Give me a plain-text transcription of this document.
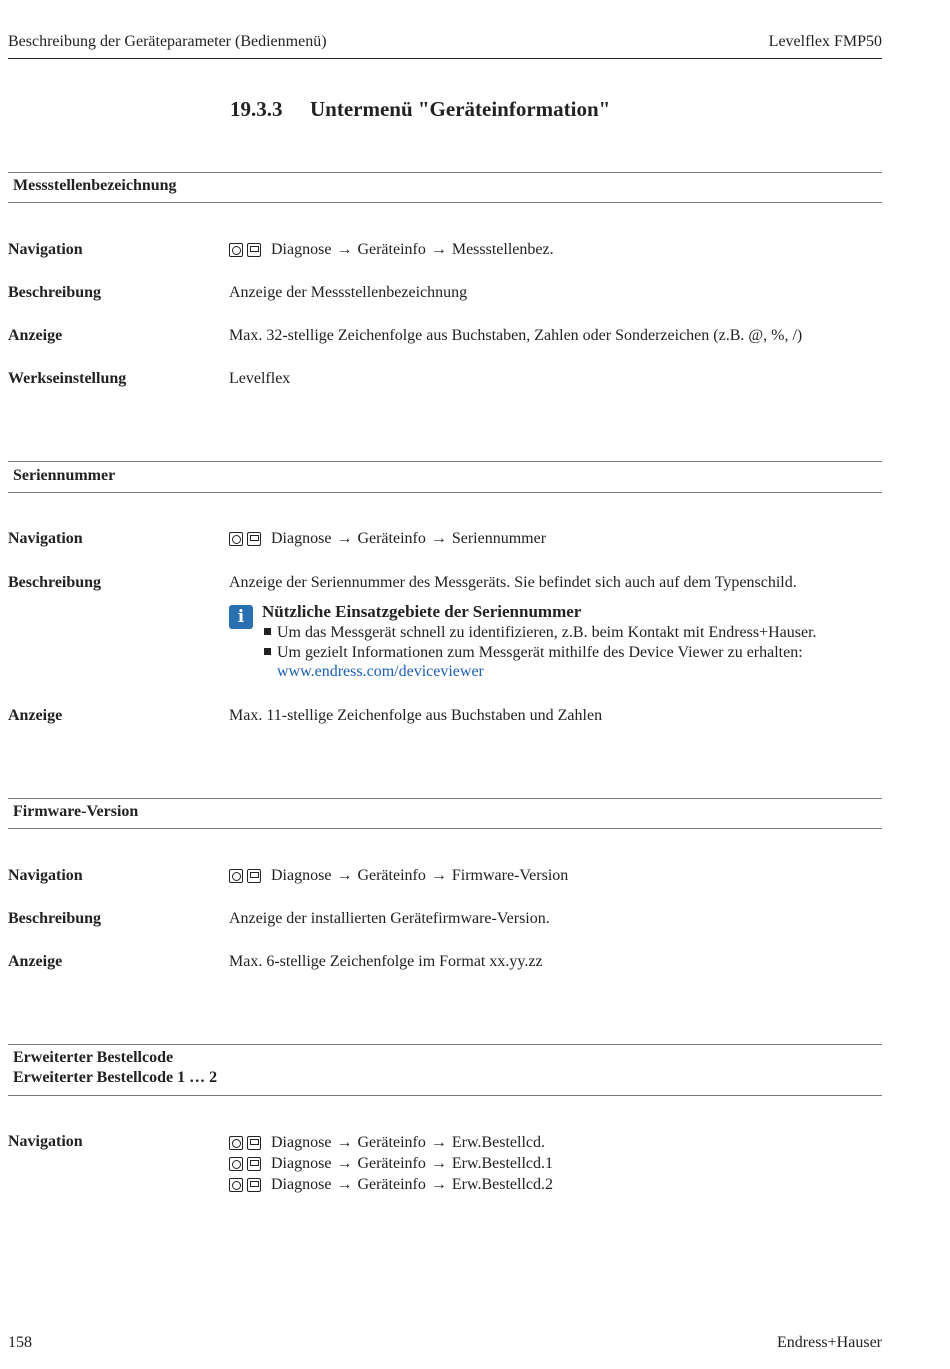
Beschreibung der Geräteparameter (Bedienmenü)	Levelflex FMP50
19.3.3 Untermenü "Geräteinformation"
Messstellenbezeichnung
Navigation	Diagnose → Geräteinfo → Messstellenbez.
Beschreibung	Anzeige der Messstellenbezeichnung
Anzeige	Max. 32-stellige Zeichenfolge aus Buchstaben, Zahlen oder Sonderzeichen (z.B. @, %, /)
Werkseinstellung	Levelflex
Seriennummer
Navigation	Diagnose → Geräteinfo → Seriennummer
Beschreibung	Anzeige der Seriennummer des Messgeräts. Sie befindet sich auch auf dem Typenschild.
i	Nützliche Einsatzgebiete der Seriennummer
Um das Messgerät schnell zu identifizieren, z.B. beim Kontakt mit Endress+Hauser.
Um gezielt Informationen zum Messgerät mithilfe des Device Viewer zu erhalten:
www.endress.com/deviceviewer
Anzeige	Max. 11-stellige Zeichenfolge aus Buchstaben und Zahlen
Firmware-Version
Navigation	Diagnose → Geräteinfo → Firmware-Version
Beschreibung	Anzeige der installierten Gerätefirmware-Version.
Anzeige	Max. 6-stellige Zeichenfolge im Format xx.yy.zz
Erweiterter Bestellcode
Erweiterter Bestellcode 1 … 2
Navigation	Diagnose → Geräteinfo → Erw.Bestellcd.
Diagnose → Geräteinfo → Erw.Bestellcd.1
Diagnose → Geräteinfo → Erw.Bestellcd.2
158	Endress+Hauser
